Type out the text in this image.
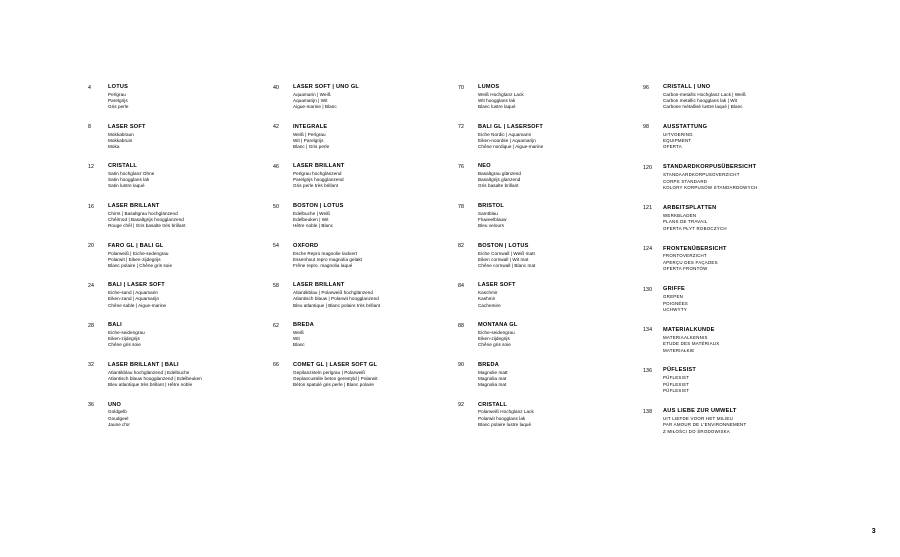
4	LOTUS
Perlgrau
Parelgrijs
Gris perle
8	LASER SOFT
Mokkabraun
Mokkabruin
Moka
12	CRISTALL
Satin hochglanz Ohne
Satin hoogglans lak
Satin lustre laqué
16	LASER BRILLANT
Chirnt | Basaltgrau hochglänzend
Chêlrnod | Basaltgrijs hoogglanzend
Rouge chêl | Gris basalte très brillant
20	FARO GL | BALI GL
Polarweiß | Eiche-sedengrau
Polarwit | Eiken-zijdegrijs
Blanc polaire | Chêne gris soie
24	BALI | LASER SOFT
Eiche-sand | Aquamarin
Eiken-zand | Aquamarijn
Chêne sable | Aigue-marine
28	BALI
Eiche-seidengrau
Eiken-zijdegrijs
Chêne gris soie
32	LASER BRILLANT | BALI
Atlantikblau hochglänzend | Edelbuche
Atlantisch blauw hoogglanzend | Edelbeuken
Bleu atlantique très brillant | Hêtre noble
36	UNO
Goldgelb
Goudgeel
Jaune d'or
40	LASER SOFT | UNO GL
Aquamarin | Weiß
Aquamarijn | Wit
Aigue-marine | Blanc
42	INTEGRALE
Weiß | Perlgrau
Wit | Parelgrijs
Blanc | Gris perle
46	LASER BRILLANT
Perlgrau hochglänzend
Parelgrijs hoogglanzend
Gris perle très brillant
50	BOSTON | LOTUS
Edelbuche | Weiß
Edelbeuken | Wit
Hêtre noble | Blanc
54	OXFORD
Esche Repro magnolie lackiert
Essenhout repro magnolia gelakt
Frêne repro. magnolia laqué
58	LASER BRILLANT
Atlantikblau | Polarweiß hochglänzend
Atlantisch blauw | Polarwit hoogglanzend
Bleu atlantique | Blanc polaire très brillant
62	BREDA
Weiß
Wit
Blanc
66	COMET GL | LASER SOFT GL
Gepilanzsteln perlgrau | Polarweiß
Geplancustèle beton gerestyld | Polarwit
Béton spatulé gris perle | Blanc polaire
70	LUMOS
Weiß Hochglanz Lack
Wit hoogglans lak
Blanc lustre laqué
72	BALI GL | LASERSOFT
Eiche Nordic | Aquamarin
Eiken-noordse | Aquamarijn
Chêne nordique | Aigue-marine
76	NEO
Basaltgrau glänzend
Basaltgrijs glanzend
Gris basalte brillant
78	BRISTOL
Samtblau
Fluweelblauw
Bleu velours
82	BOSTON | LOTUS
Eiche Cornwall | Weiß matt
Eiken cornwall | Wit mat
Chêne cornwall | Blanc mat
84	LASER SOFT
Kaschmir
Kashmir
Cachemire
88	MONTANA GL
Eiche-seidengrau
Eiken-zijdegrijs
Chêne gris soie
90	BREDA
Magnolie matt
Magnolia mat
Magnolia mat
92	CRISTALL
Polarweiß Hochglanz Lack
Polarwit hoogglans lak
Blanc polaire lustre laqué
96	CRISTALL | UNO
Carbon-metallic Hochglanz Lack | Weiß
Carbon metallic hoogglans lak | Wit
Carbone métallisé lustre laqué | Blanc
98	AUSSTATTUNG
UITVOERING
EQUIPMENT
OFERTA
120	STANDARDKORPUSÜBERSICHT
STANDAARDKORPUSOVERZICHT
CORPS STANDARD
KOLORY KORPUSÓW STANDARDOWYCH
121	ARBEITSPLATTEN
WERKBLADEN
PLANS DE TRAVAIL
OFERTA PŁYT ROBOCZYCH
124	FRONTENÜBERSICHT
FRONTOVERZICHT
APERÇU DES FAÇADES
OFERTA FRONTÓW
130	GRIFFE
GREPEN
POIGNÉES
UCHWYTY
134	MATERIALKUNDE
MATERIAALKENNIS
ETUDE DES MATÉRIAUX
MATERIAŁKIE
136	PÜFLESIST
PÜFLESIST
PÜFLESIST
PÜFLESIST
138	AUS LIEBE ZUR UMWELT
UIT LIEFDE VOOR HET MILIEU
PAR AMOUR DE L'ENVIRONNEMENT
Z MIŁOŚCI DO ŚRODOWISKA
3
